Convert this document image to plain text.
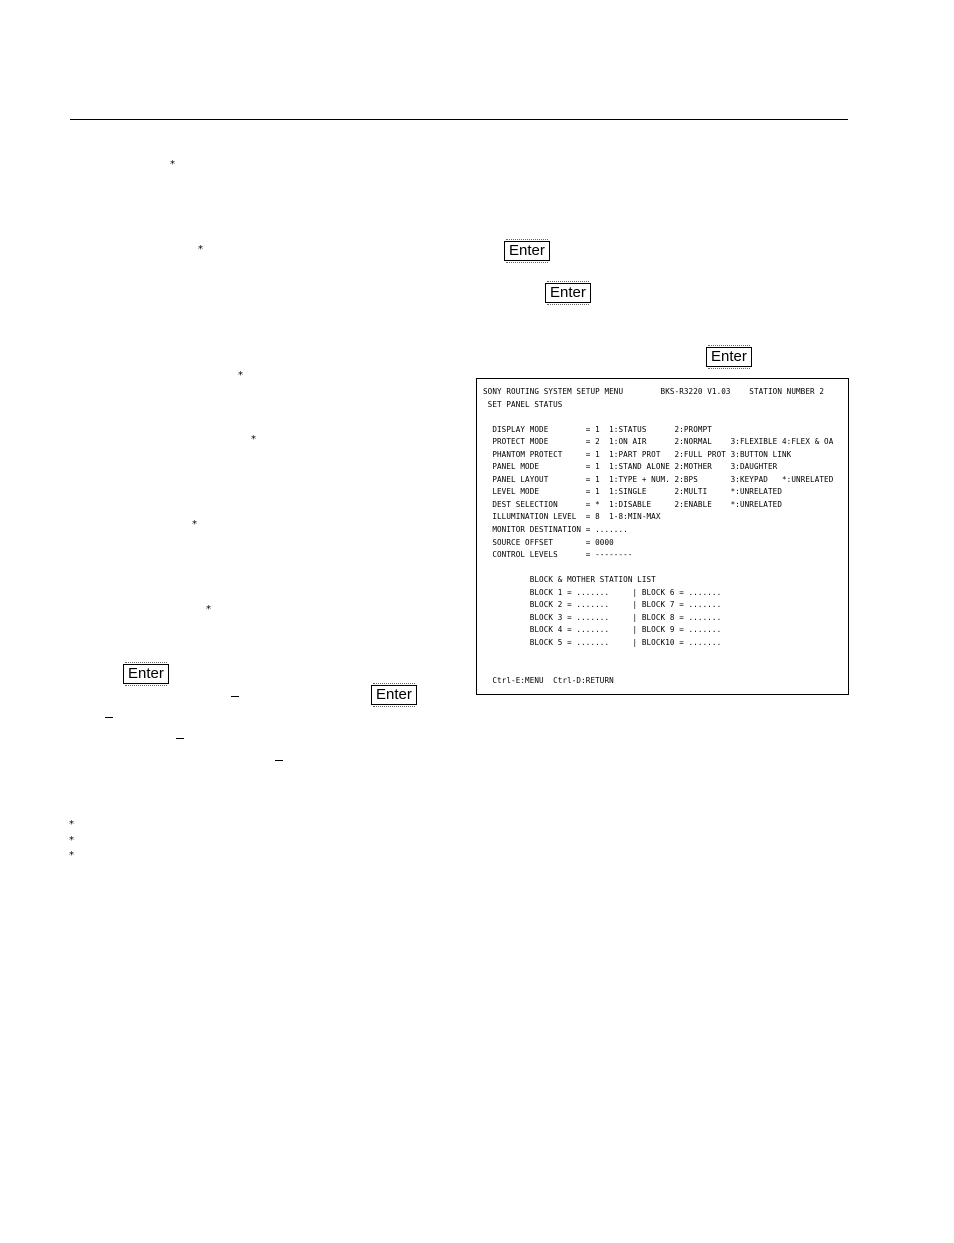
*
*
*
*
*
*
Enter
Enter
Enter
Enter
Enter
*
*
*
SONY ROUTING SYSTEM SETUP MENU        BKS-R3220 V1.03    STATION NUMBER 2
SET PANEL STATUS

DISPLAY MODE        = 1  1:STATUS      2:PROMPT
PROTECT MODE        = 2  1:ON AIR      2:NORMAL    3:FLEXIBLE 4:FLEX & OA
PHANTOM PROTECT     = 1  1:PART PROT   2:FULL PROT 3:BUTTON LINK
PANEL MODE          = 1  1:STAND ALONE 2:MOTHER    3:DAUGHTER
PANEL LAYOUT        = 1  1:TYPE + NUM. 2:BPS       3:KEYPAD   *:UNRELATED
LEVEL MODE          = 1  1:SINGLE      2:MULTI     *:UNRELATED
DEST SELECTION      = *  1:DISABLE     2:ENABLE    *:UNRELATED
ILLUMINATION LEVEL  = 8  1-8:MIN-MAX
MONITOR DESTINATION = .......
SOURCE OFFSET       = 0000
CONTROL LEVELS      = --------

BLOCK & MOTHER STATION LIST
BLOCK 1 = .......     | BLOCK 6 = .......
BLOCK 2 = .......     | BLOCK 7 = .......
BLOCK 3 = .......     | BLOCK 8 = .......
BLOCK 4 = .......     | BLOCK 9 = .......
BLOCK 5 = .......     | BLOCK10 = .......

Ctrl-E:MENU  Ctrl-D:RETURN
